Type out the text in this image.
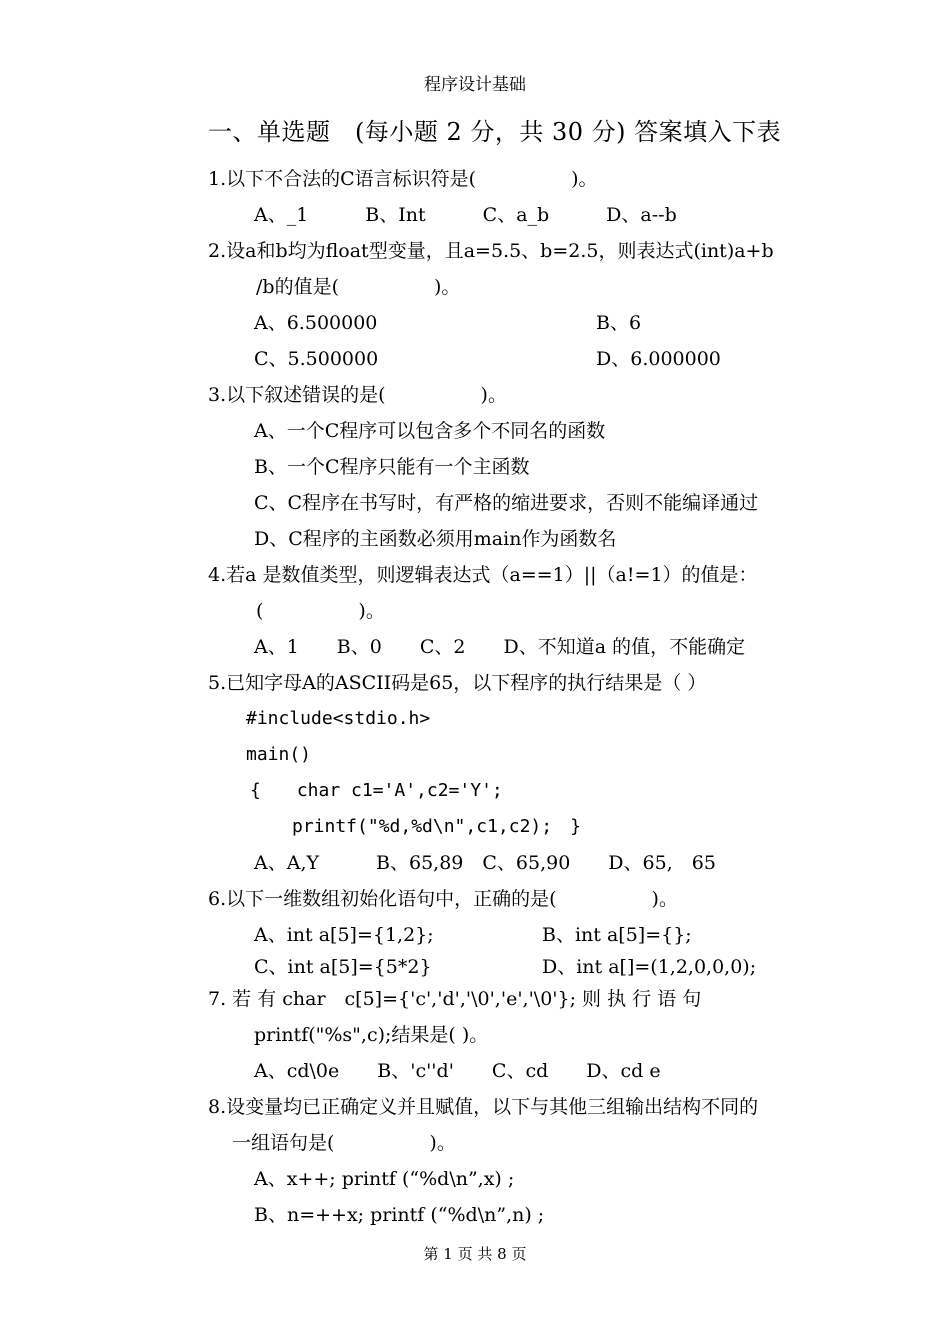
程序设计基础
一、单选题　(每小题 2 分，共 30 分) 答案填入下表
1.以下不合法的C语言标识符是(　　　　　)。
A、_1　　　B、Int　　　C、a_b　　　D、a--b
2.设a和b均为float型变量，且a=5.5、b=2.5，则表达式(int)a+b
/b的值是(　　　　　)。
A、6.500000	B、6
C、5.500000	D、6.000000
3.以下叙述错误的是(　　　　　)。
A、一个C程序可以包含多个不同名的函数
B、一个C程序只能有一个主函数
C、C程序在书写时，有严格的缩进要求，否则不能编译通过
D、C程序的主函数必须用main作为函数名
4.若a 是数值类型，则逻辑表达式（a==1）||（a!=1）的值是：
(　　　　　)。
A、1　　B、0　　C、2　　D、不知道a 的值，不能确定
5.已知字母A的ASCII码是65，以下程序的执行结果是（ ）
#include<stdio.h>
main()
{　　char c1='A',c2='Y';
printf("%d,%d\n",c1,c2);　}
A、A,Y　　　B、65,89　C、65,90　　D、65,　65
6.以下一维数组初始化语句中，正确的是(　　　　　)。
A、int a[5]={1,2};	B、int a[5]={};
C、int a[5]={5*2}	D、int a[]=(1,2,0,0,0);
7. 若 有 char　c[5]={'c','d','\0','e','\0'}; 则 执 行 语 句
printf("%s",c);结果是( )。
A、cd\0e　　B、'c''d'　　C、cd　　D、cd e
8.设变量均已正确定义并且赋值，以下与其他三组输出结构不同的
一组语句是(　　　　　)。
A、x++; printf (“%d\n”,x) ;
B、n=++x; printf (“%d\n”,n) ;
第 1 页 共 8 页
